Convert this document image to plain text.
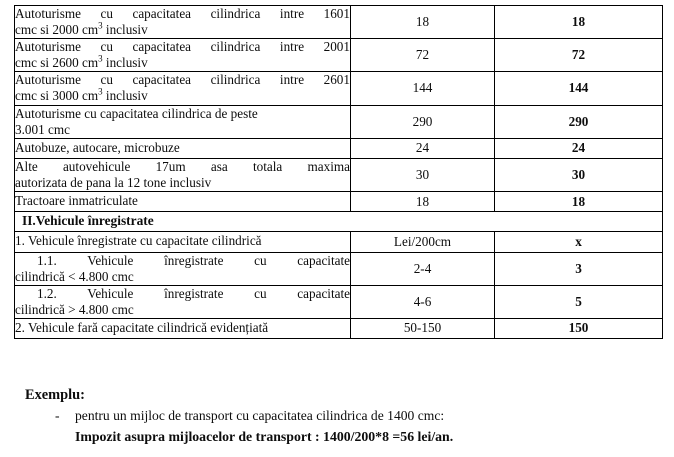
Autoturisme cu capacitatea cilindrica intre 1601
cmc si 2000 $cm^3$ inclusiv	18	18

Autoturisme cu capacitatea cilindrica intre 2001
cmc si 2600 $cm^3$ inclusiv	72	72

Autoturisme cu capacitatea cilindrica intre 2601
cmc si 3000 $cm^3$ inclusiv	144	144

Autoturisme cu capacitatea cilindrica de peste
3.001 cmc	290	290
Autobuze, autocare, microbuze	24	24

Alte autovehicule 17um asa totala maxima
autorizata de pana la 12 tone inclusiv	30	30
Tractoare inmatriculate	18	18
II.Vehicule înregistrate		
1. Vehicule înregistrate cu capacitate cilindrică	Lei/200cm	x

1.1. Vehicule înregistrate cu capacitate
cilindrică < 4.800 cmc	2-4	3

1.2. Vehicule înregistrate cu capacitate
cilindrică > 4.800 cmc	4-6	5
2. Vehicule fară capacitate cilindrică evidențiată	50-150	150
Exemplu:
-	pentru un mijloc de transport cu capacitatea cilindrica de 1400 cmc:
Impozit asupra mijloacelor de transport : 1400/200*8 =56 lei/an.
